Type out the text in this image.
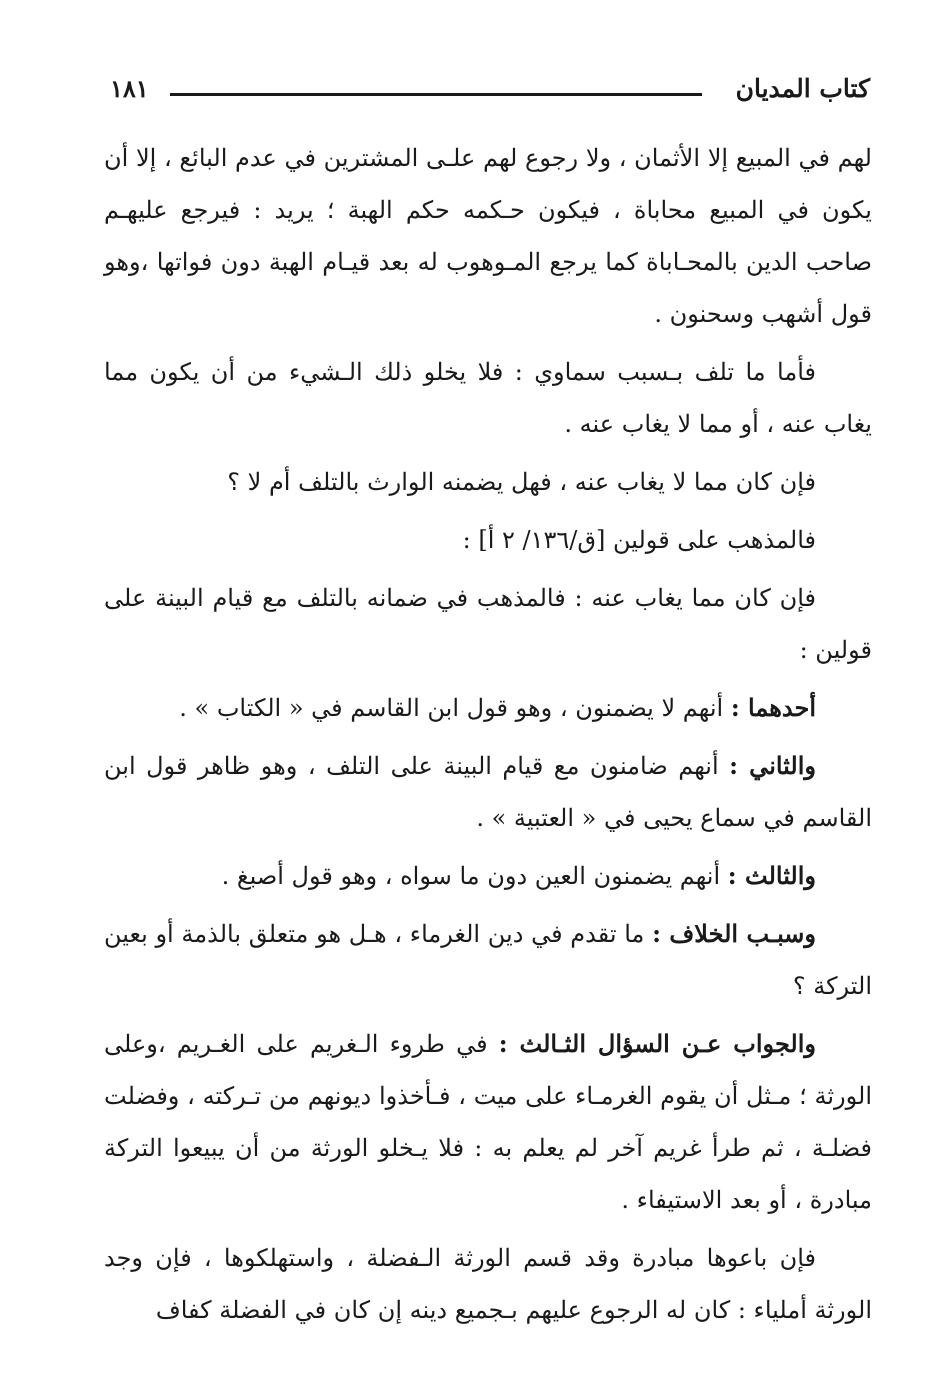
كتاب المديان
١٨١

لهم في المبيع إلا الأثمان ، ولا رجوع لهم علـى المشترين في عدم البائع ، إلا أن يكون في المبيع محاباة ، فيكون حـكمه حكم الهبة ؛ يريد : فيرجع عليهـم صاحب الدين بالمحـاباة كما يرجع المـوهوب له بعد قيـام الهبة دون فواتها ،وهو قول أشهب وسحنون .

فأما ما تلف بـسبب سماوي : فلا يخلو ذلك الـشيء من أن يكون مما يغاب عنه ، أو مما لا يغاب عنه .

فإن كان مما لا يغاب عنه ، فهل يضمنه الوارث بالتلف أم لا ؟

فالمذهب على قولين [ق/١٣٦/ ٢ أ] :

فإن كان مما يغاب عنه : فالمذهب في ضمانه بالتلف مع قيام البينة على قولين :

أحدهما : أنهم لا يضمنون ، وهو قول ابن القاسم في « الكتاب » .

والثاني : أنهم ضامنون مع قيام البينة على التلف ، وهو ظاهر قول ابن القاسم في سماع يحيى في « العتبية » .

والثالث : أنهم يضمنون العين دون ما سواه ، وهو قول أصبغ .

وسبـب الخلاف : ما تقدم في دين الغرماء ، هـل هو متعلق بالذمة أو بعين التركة ؟

والجواب عـن السؤال الثـالث : في طروء الـغريم على الغـريم ،وعلى الورثة ؛ مـثل أن يقوم الغرمـاء على ميت ، فـأخذوا ديونهم من تـركته ، وفضلت فضلـة ، ثم طرأ غريم آخر لم يعلم به : فلا يـخلو الورثة من أن يبيعوا التركة مبادرة ، أو بعد الاستيفاء .

فإن باعوها مبادرة وقد قسم الورثة الـفضلة ، واستهلكوها ، فإن وجد الورثة أملياء : كان له الرجوع عليهم بـجميع دينه إن كان في الفضلة كفاف
